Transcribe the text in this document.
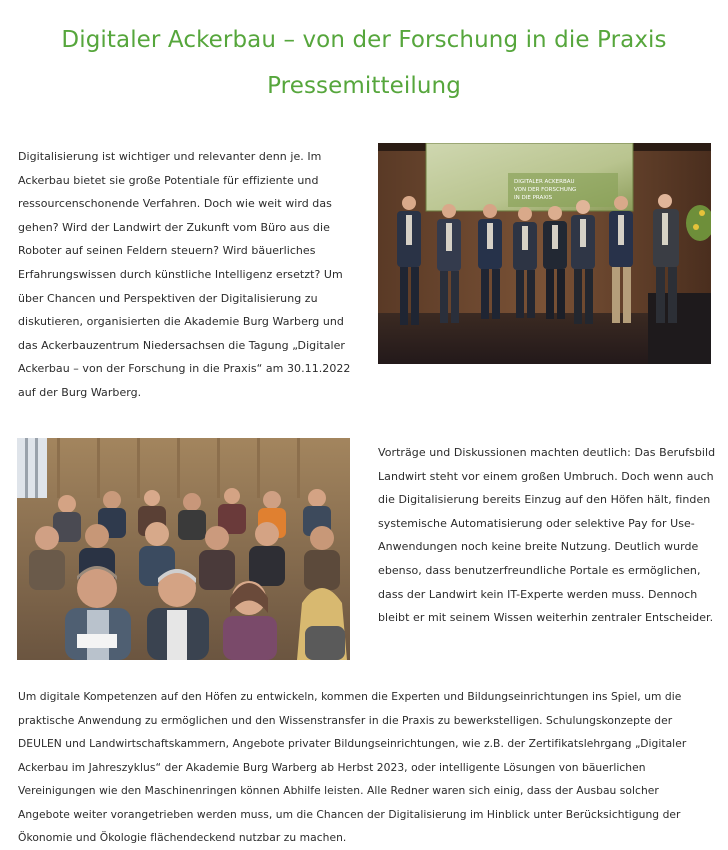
Digitaler Ackerbau – von der Forschung in die Praxis
Pressemitteilung

Digitalisierung ist wichtiger und relevanter denn je. Im Ackerbau bietet sie große Potentiale für effiziente und ressourcenschonende Verfahren. Doch wie weit wird das gehen? Wird der Landwirt der Zukunft vom Büro aus die Roboter auf seinen Feldern steuern? Wird bäuerliches Erfahrungswissen durch künstliche Intelligenz ersetzt? Um über Chancen und Perspektiven der Digitalisierung zu diskutieren, organisierten die Akademie Burg Warberg und das Ackerbauzentrum Niedersachsen die Tagung „Digitaler Ackerbau – von der Forschung in die Praxis“ am 30.11.2022 auf der Burg Warberg.

DIGITALER ACKERBAU
VON DER FORSCHUNG
IN DIE PRAXIS

Vorträge und Diskussionen machten deutlich: Das Berufsbild Landwirt steht vor einem großen Umbruch. Doch wenn auch die Digitalisierung bereits Einzug auf den Höfen hält, finden systemische Automatisierung oder selektive Pay for Use-Anwendungen noch keine breite Nutzung. Deutlich wurde ebenso, dass benutzerfreundliche Portale es ermöglichen, dass der Landwirt kein IT-Experte werden muss. Dennoch bleibt er mit seinem Wissen weiterhin zentraler Entscheider.

Um digitale Kompetenzen auf den Höfen zu entwickeln, kommen die Experten und Bildungseinrichtungen ins Spiel, um die praktische Anwendung zu ermöglichen und den Wissenstransfer in die Praxis zu bewerkstelligen. Schulungskonzepte der DEULEN und Landwirtschaftskammern, Angebote privater Bildungseinrichtungen, wie z.B. der Zertifikatslehrgang „Digitaler Ackerbau im Jahreszyklus“ der Akademie Burg Warberg ab Herbst 2023, oder intelligente Lösungen von bäuerlichen Vereinigungen wie den Maschinenringen können Abhilfe leisten. Alle Redner waren sich einig, dass der Ausbau solcher Angebote weiter vorangetrieben werden muss, um die Chancen der Digitalisierung im Hinblick unter Berücksichtigung der Ökonomie und Ökologie flächendeckend nutzbar zu machen.
